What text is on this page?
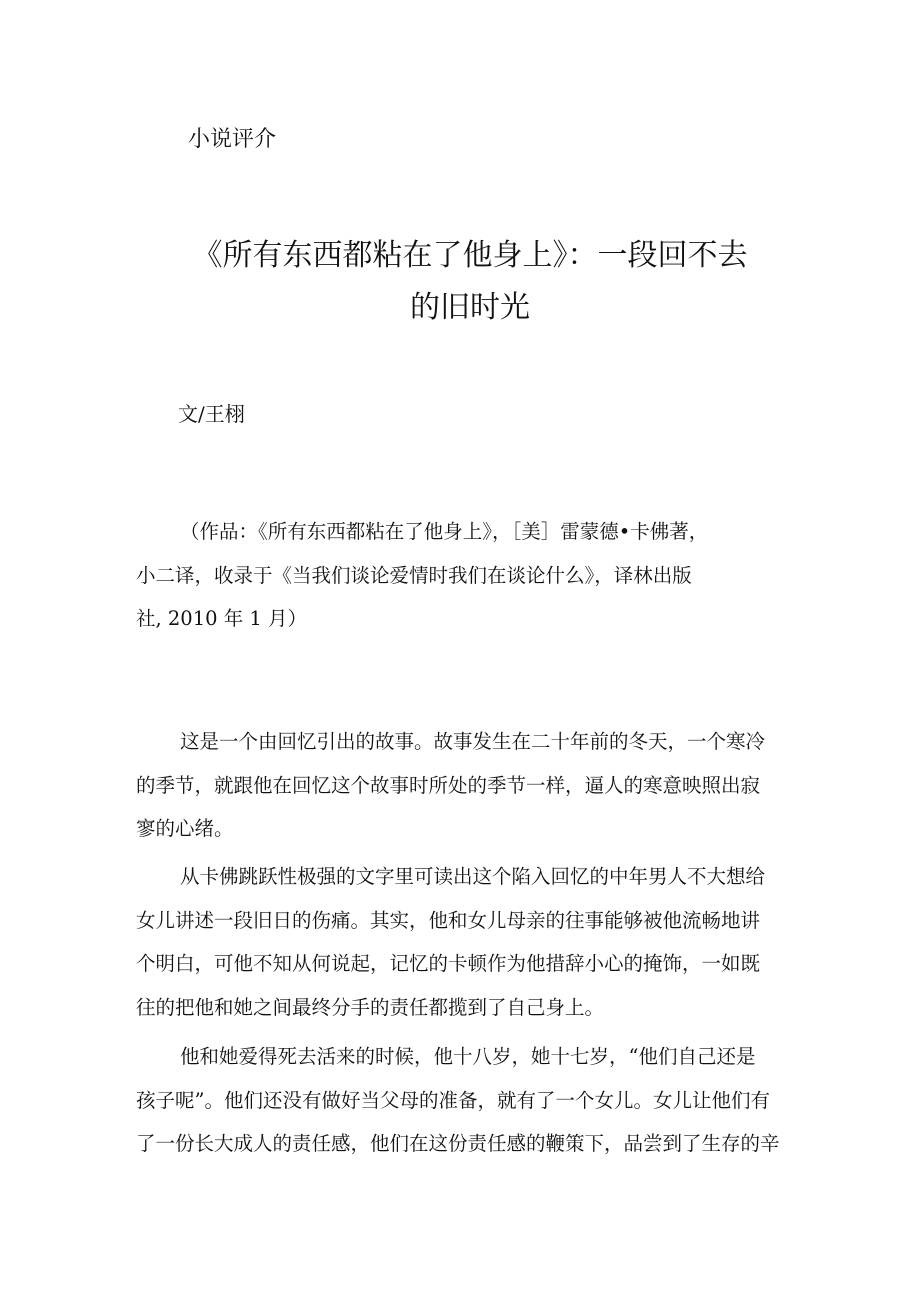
小说评介
《所有东西都粘在了他身上》：一段回不去
的旧时光
文/王栩
（作品：《所有东西都粘在了他身上》，［美］雷蒙德•卡佛著，
小二译，收录于《当我们谈论爱情时我们在谈论什么》，译林出版
社, 2010 年 1 月）
这是一个由回忆引出的故事。故事发生在二十年前的冬天，一个寒冷
的季节，就跟他在回忆这个故事时所处的季节一样，逼人的寒意映照出寂
寥的心绪。
从卡佛跳跃性极强的文字里可读出这个陷入回忆的中年男人不大想给
女儿讲述一段旧日的伤痛。其实，他和女儿母亲的往事能够被他流畅地讲
个明白，可他不知从何说起，记忆的卡顿作为他措辞小心的掩饰，一如既
往的把他和她之间最终分手的责任都揽到了自己身上。
他和她爱得死去活来的时候，他十八岁，她十七岁，“他们自己还是
孩子呢”。他们还没有做好当父母的准备，就有了一个女儿。女儿让他们有
了一份长大成人的责任感，他们在这份责任感的鞭策下，品尝到了生存的辛
